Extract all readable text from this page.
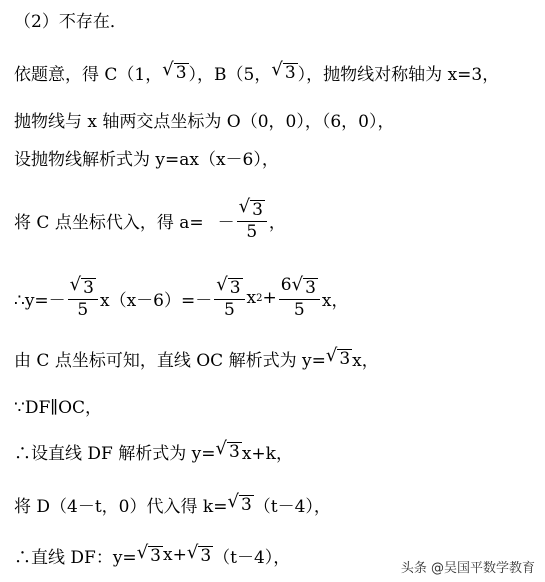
（2）不存在．
依题意，得 C（1， √ 3 ），B（5， √ 3 ），抛物线对称轴为 x=3，
抛物线与 x 轴两交点坐标为 O（0，0），（6，0），
设抛物线解析式为 y=ax（x－6），
将 C 点坐标代入，得 $a= - \frac{√ 3}{5}$ ，
∴y=－ $\frac{√ 3}{5} x(x-6)=- \frac{√ 3}{5}$ x $2 + \frac{6 √ 3}{5}$ x，
由 C 点坐标可知，直线 OC 解析式为 y= √ 3 x，
∵DF∥OC，
∴设直线 DF 解析式为 y= √ 3 x+k，
将 D（4－t，0）代入得 k= √ 3 （t－4），
∴直线 DF：y= √ 3 x+ √ 3 （t－4），
头条 @吴国平数学教育
